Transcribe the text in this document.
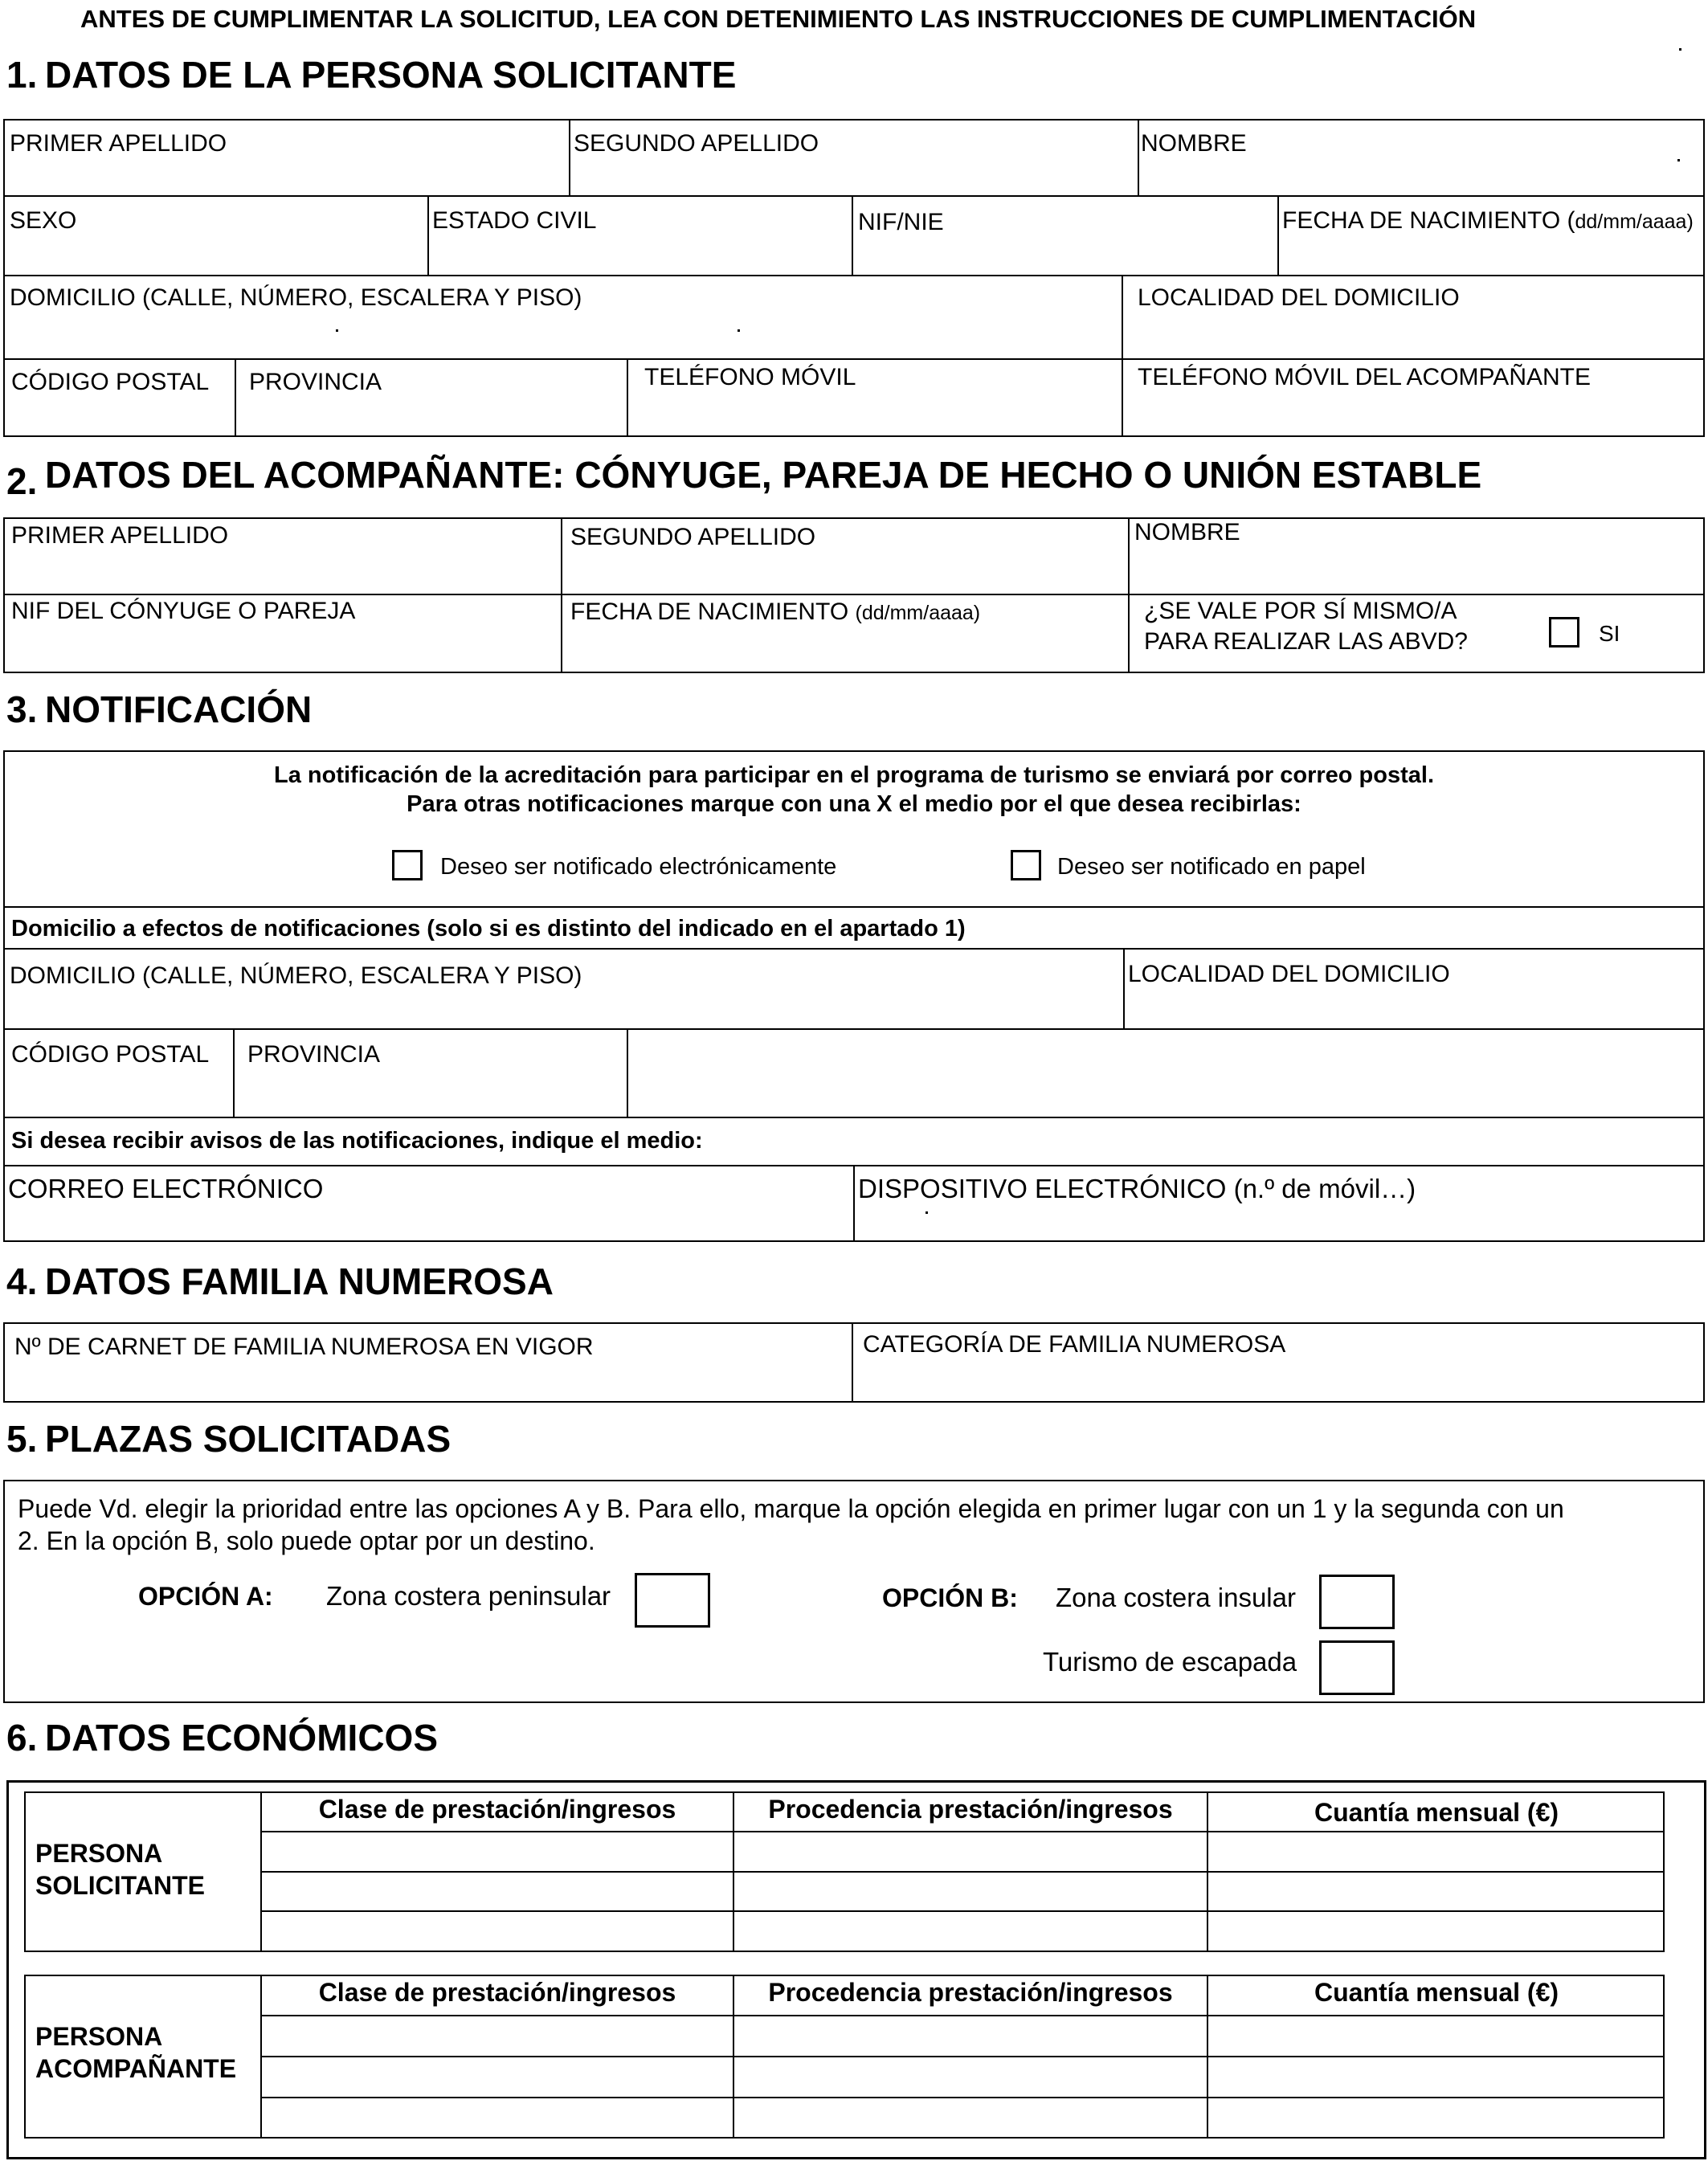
ANTES DE CUMPLIMENTAR LA SOLICITUD, LEA CON DETENIMIENTO LAS INSTRUCCIONES DE CUMPLIMENTACIÓN
1. DATOS DE LA PERSONA SOLICITANTE
PRIMER APELLIDO	SEGUNDO APELLIDO	NOMBRE
SEXO	ESTADO CIVIL	NIF/NIE	FECHA DE NACIMIENTO (dd/mm/aaaa)
DOMICILIO (CALLE, NÚMERO, ESCALERA Y PISO)	LOCALIDAD DEL DOMICILIO
CÓDIGO POSTAL PROVINCIA	TELÉFONO MÓVIL	TELÉFONO MÓVIL DEL ACOMPAÑANTE
2. DATOS DEL ACOMPAÑANTE: CÓNYUGE, PAREJA DE HECHO O UNIÓN ESTABLE
PRIMER APELLIDO	SEGUNDO APELLIDO	NOMBRE
NIF DEL CÓNYUGE O PAREJA	FECHA DE NACIMIENTO (dd/mm/aaaa)	¿SE VALE POR SÍ MISMO/A
PARA REALIZAR LAS ABVD?	SI
3. NOTIFICACIÓN
La notificación de la acreditación para participar en el programa de turismo se enviará por correo postal.
Para otras notificaciones marque con una X el medio por el que desea recibirlas:
Deseo ser notificado electrónicamente	Deseo ser notificado en papel
Domicilio a efectos de notificaciones (solo si es distinto del indicado en el apartado 1)
DOMICILIO (CALLE, NÚMERO, ESCALERA Y PISO)	LOCALIDAD DEL DOMICILIO
CÓDIGO POSTAL PROVINCIA
Si desea recibir avisos de las notificaciones, indique el medio:
CORREO ELECTRÓNICO	DISPOSITIVO ELECTRÓNICO (n.º de móvil…)
4. DATOS FAMILIA NUMEROSA
Nº DE CARNET DE FAMILIA NUMEROSA EN VIGOR	CATEGORÍA DE FAMILIA NUMEROSA
5. PLAZAS SOLICITADAS
Puede Vd. elegir la prioridad entre las opciones A y B. Para ello, marque la opción elegida en primer lugar con un 1 y la segunda con un
2. En la opción B, solo puede optar por un destino.
OPCIÓN A: Zona costera peninsular	OPCIÓN B: Zona costera insular
Turismo de escapada
6. DATOS ECONÓMICOS
PERSONA
SOLICITANTE
Clase de prestación/ingresos	Procedencia prestación/ingresos	Cuantía mensual (€)
PERSONA
ACOMPAÑANTE
Clase de prestación/ingresos	Procedencia prestación/ingresos	Cuantía mensual (€)
